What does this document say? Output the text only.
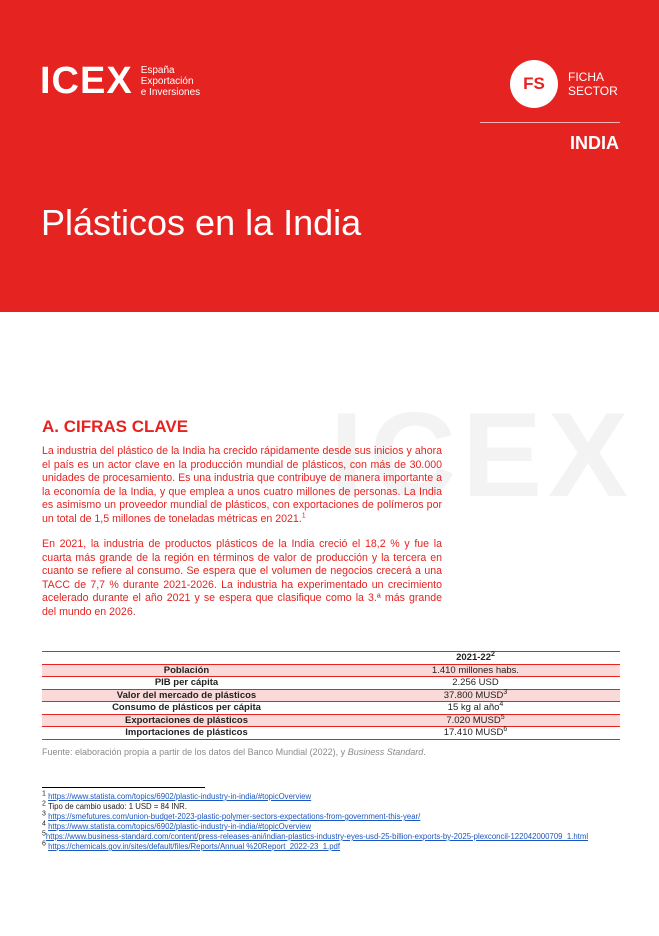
ICEX España
Exportación
e Inversiones	FS	FICHA
SECTOR
INDIA
Plásticos en la India
ICEX
A. CIFRAS CLAVE

La industria del plástico de la India ha crecido rápidamente desde sus inicios y ahora el país es un actor clave en la producción mundial de plásticos, con más de 30.000 unidades de procesamiento. Es una industria que contribuye de manera importante a la economía de la India, y que emplea a unos cuatro millones de personas. La India es asimismo un proveedor mundial de plásticos, con exportaciones de polímeros por un total de 1,5 millones de toneladas métricas en 2021.$^1$

En 2021, la industria de productos plásticos de la India creció el 18,2 % y fue la cuarta más grande de la región en términos de valor de producción y la tercera en cuanto se refiere al consumo. Se espera que el volumen de negocios crecerá a una TACC de 7,7 % durante 2021-2026. La industria ha experimentado un crecimiento acelerado durante el año 2021 y se espera que clasifique como la 3.ª más grande del mundo en 2026.

	$2021-22^2$
Población	1.410 millones habs.
PIB per cápita	2.256 USD
Valor del mercado de plásticos	37.800 MUSD$^3$
Consumo de plásticos per cápita	15 kg al año$^4$
Exportaciones de plásticos	7.020 MUSD$^5$
Importaciones de plásticos	17.410 MUSD$^6$
Fuente: elaboración propia a partir de los datos del Banco Mundial (2022), y Business Standard.
$^1$ https://www.statista.com/topics/6902/plastic-industry-in-india/#topicOverview
$^2$ Tipo de cambio usado: 1 USD = 84 INR.
$^3$ https://smefutures.com/union-budget-2023-plastic-polymer-sectors-expectations-from-government-this-year/
$^4$ https://www.statista.com/topics/6902/plastic-industry-in-india/#topicOverview
$^5$https://www.business-standard.com/content/press-releases-ani/indian-plastics-industry-eyes-usd-25-billion-exports-by-2025-plexconcil-122042000709_1.html
$^6$ https://chemicals.gov.in/sites/default/files/Reports/Annual %20Report_2022-23_1.pdf
